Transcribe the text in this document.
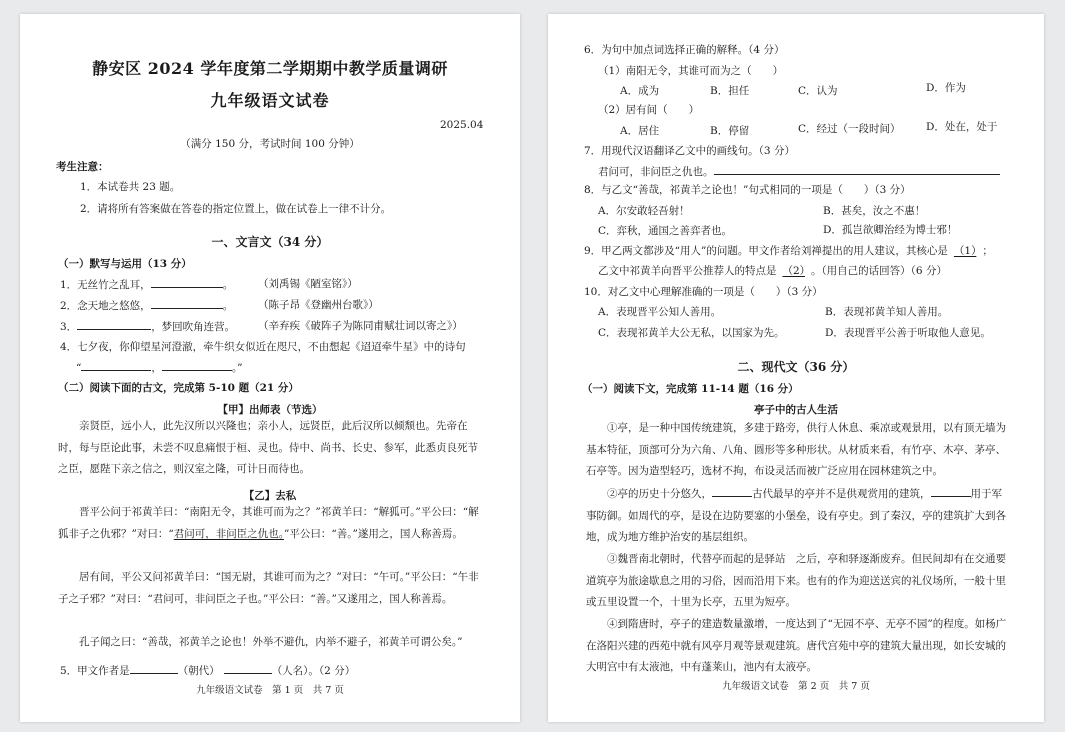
静安区 2024 学年度第二学期期中教学质量调研
九年级语文试卷
2025.04
（满分 150 分，考试时间 100 分钟）
考生注意：
1．本试卷共 23 题。
2．请将所有答案做在答卷的指定位置上，做在试卷上一律不计分。
一、文言文（34 分）
（一）默写与运用（13 分）
1．无丝竹之乱耳，	。 （刘禹锡《陋室铭》）
2．念天地之悠悠，	。 （陈子昂《登幽州台歌》）
3．	，梦回吹角连营。 （辛弃疾《破阵子为陈同甫赋壮词以寄之》）
4．七夕夜，你仰望星河澄澈，牵牛织女似近在咫尺，不由想起《迢迢牵牛星》中的诗句
“	，	。”
（二）阅读下面的古文，完成第 5-10 题（21 分）
【甲】出师表（节选）
亲贤臣，远小人，此先汉所以兴隆也；亲小人，远贤臣，此后汉所以倾颓也。先帝在时，每与臣论此事，未尝不叹息痛恨于桓、灵也。侍中、尚书、长史、参军，此悉贞良死节之臣，愿陛下亲之信之，则汉室之隆，可计日而待也。
【乙】去私
晋平公问于祁黄羊曰：“南阳无令，其谁可而为之？”祁黄羊曰：“解狐可。”平公曰：“解狐非子之仇邪？”对曰：“君问可，非问臣之仇也。”平公曰：“善。”遂用之，国人称善焉。
居有间，平公又问祁黄羊曰：“国无尉，其谁可而为之？”对曰：“午可。”平公曰：“午非子之子邪？”对曰：“君问可，非问臣之子也。”平公曰：“善。”又遂用之，国人称善焉。
孔子闻之曰：“善哉，祁黄羊之论也！外举不避仇，内举不避子，祁黄羊可谓公矣。”
5．甲文作者是	（朝代）	（人名）。（2 分）
九年级语文试卷　第 1 页　共 7 页
6．为句中加点词选择正确的解释。（4 分）
（1）南阳无令，其谁可而为之（　　）
A．成为	B．担任	C．认为	D．作为
（2）居有间（　　）
A．居住	B．停留	C．经过（一段时间） D．处在，处于
7．用现代汉语翻译乙文中的画线句。（3 分）
君问可，非问臣之仇也。
8．与乙文“善哉，祁黄羊之论也！”句式相同的一项是（　　）（3 分）
A．尔安敢轻吾射！	B．甚矣，汝之不惠！
C．弈秋，通国之善弈者也。	D．孤岂欲卿治经为博士邪！
9．甲乙两文都涉及“用人”的问题。甲文作者给刘禅提出的用人建议，其核心是 （1） ；
乙文中祁黄羊向晋平公推荐人的特点是 （2） 。（用自己的话回答）（6 分）
10．对乙文中心理解准确的一项是（　　）（3 分）
A．表现晋平公知人善用。	B．表现祁黄羊知人善用。
C．表现祁黄羊大公无私，以国家为先。	D．表现晋平公善于听取他人意见。
二、现代文（36 分）
（一）阅读下文，完成第 11-14 题（16 分）
亭子中的古人生活
①亭，是一种中国传统建筑，多建于路旁，供行人休息、乘凉或观景用，以有顶无墙为基本特征，顶部可分为六角、八角、圆形等多种形状。从材质来看，有竹亭、木亭、茅亭、石亭等。因为造型轻巧，选材不拘，布设灵活而被广泛应用在园林建筑之中。
②亭的历史十分悠久，	古代最早的亭并不是供观赏用的建筑，	用于军事防御。如周代的亭，是设在边防要塞的小堡垒，设有亭史。到了秦汉，亭的建筑扩大到各地，成为地方维护治安的基层组织。
③魏晋南北朝时，代替亭而起的是驿站　之后，亭和驿逐渐废弃。但民间却有在交通要道筑亭为旅途歇息之用的习俗，因而沿用下来。也有的作为迎送送宾的礼仪场所，一般十里或五里设置一个，十里为长亭，五里为短亭。
④到隋唐时，亭子的建造数量激增，一度达到了“无园不亭、无亭不园”的程度。如杨广在洛阳兴建的西苑中就有风亭月观等景观建筑。唐代宫苑中亭的建筑大量出现，如长安城的大明宫中有太液池，中有蓬莱山，池内有太液亭。
九年级语文试卷　第 2 页　共 7 页
